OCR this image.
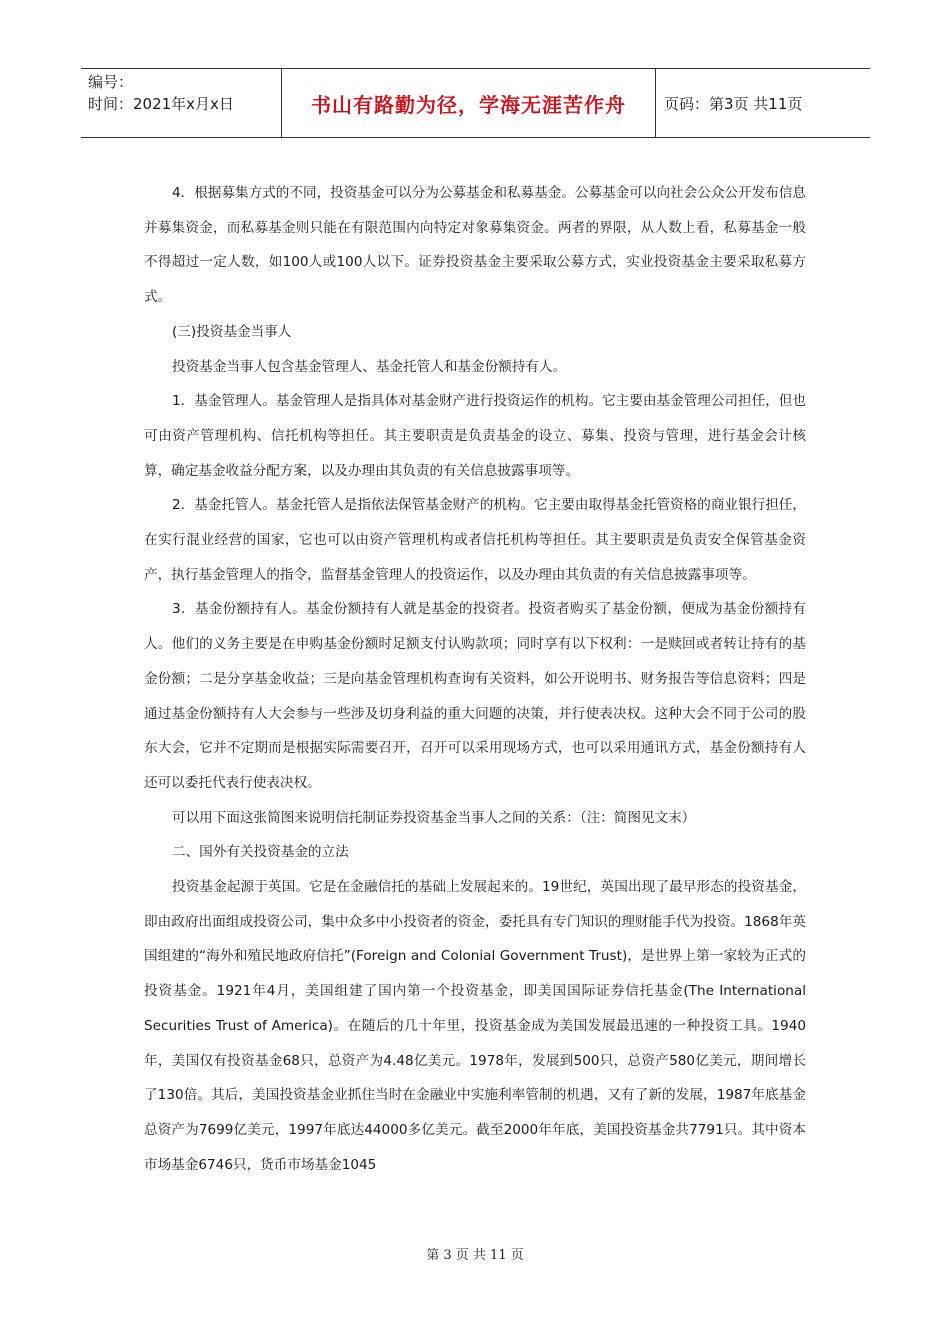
编号：
时间：2021年x月x日	书山有路勤为径，学海无涯苦作舟	页码：第3页 共11页

4．根据募集方式的不同，投资基金可以分为公募基金和私募基金。公募基金可以向社会公众公开发布信息并募集资金，而私募基金则只能在有限范围内向特定对象募集资金。两者的界限，从人数上看，私募基金一般不得超过一定人数，如100人或100人以下。证券投资基金主要采取公募方式，实业投资基金主要采取私募方式。

(三)投资基金当事人

投资基金当事人包含基金管理人、基金托管人和基金份额持有人。

1．基金管理人。基金管理人是指具体对基金财产进行投资运作的机构。它主要由基金管理公司担任，但也可由资产管理机构、信托机构等担任。其主要职责是负责基金的设立、募集、投资与管理，进行基金会计核算，确定基金收益分配方案，以及办理由其负责的有关信息披露事项等。

2．基金托管人。基金托管人是指依法保管基金财产的机构。它主要由取得基金托管资格的商业银行担任，在实行混业经营的国家，它也可以由资产管理机构或者信托机构等担任。其主要职责是负责安全保管基金资产，执行基金管理人的指令，监督基金管理人的投资运作，以及办理由其负责的有关信息披露事项等。

3．基金份额持有人。基金份额持有人就是基金的投资者。投资者购买了基金份额，便成为基金份额持有人。他们的义务主要是在申购基金份额时足额支付认购款项；同时享有以下权利：一是赎回或者转让持有的基金份额；二是分享基金收益；三是向基金管理机构查询有关资料，如公开说明书、财务报告等信息资料；四是通过基金份额持有人大会参与一些涉及切身利益的重大问题的决策，并行使表决权。这种大会不同于公司的股东大会，它并不定期而是根据实际需要召开，召开可以采用现场方式，也可以采用通讯方式，基金份额持有人还可以委托代表行使表决权。

可以用下面这张简图来说明信托制证券投资基金当事人之间的关系：（注：简图见文末）

二、国外有关投资基金的立法

投资基金起源于英国。它是在金融信托的基础上发展起来的。19世纪，英国出现了最早形态的投资基金，即由政府出面组成投资公司，集中众多中小投资者的资金，委托具有专门知识的理财能手代为投资。1868年英国组建的“海外和殖民地政府信托”(Foreign and Colonial Government Trust)，是世界上第一家较为正式的投资基金。1921年4月，美国组建了国内第一个投资基金，即美国国际证券信托基金(The International Securities Trust of America)。在随后的几十年里，投资基金成为美国发展最迅速的一种投资工具。1940年，美国仅有投资基金68只，总资产为4.48亿美元。1978年，发展到500只，总资产580亿美元，期间增长了130倍。其后，美国投资基金业抓住当时在金融业中实施利率管制的机遇，又有了新的发展，1987年底基金总资产为7699亿美元，1997年底达44000多亿美元。截至2000年年底，美国投资基金共7791只。其中资本市场基金6746只，货币市场基金1045

第 3 页 共 11 页
